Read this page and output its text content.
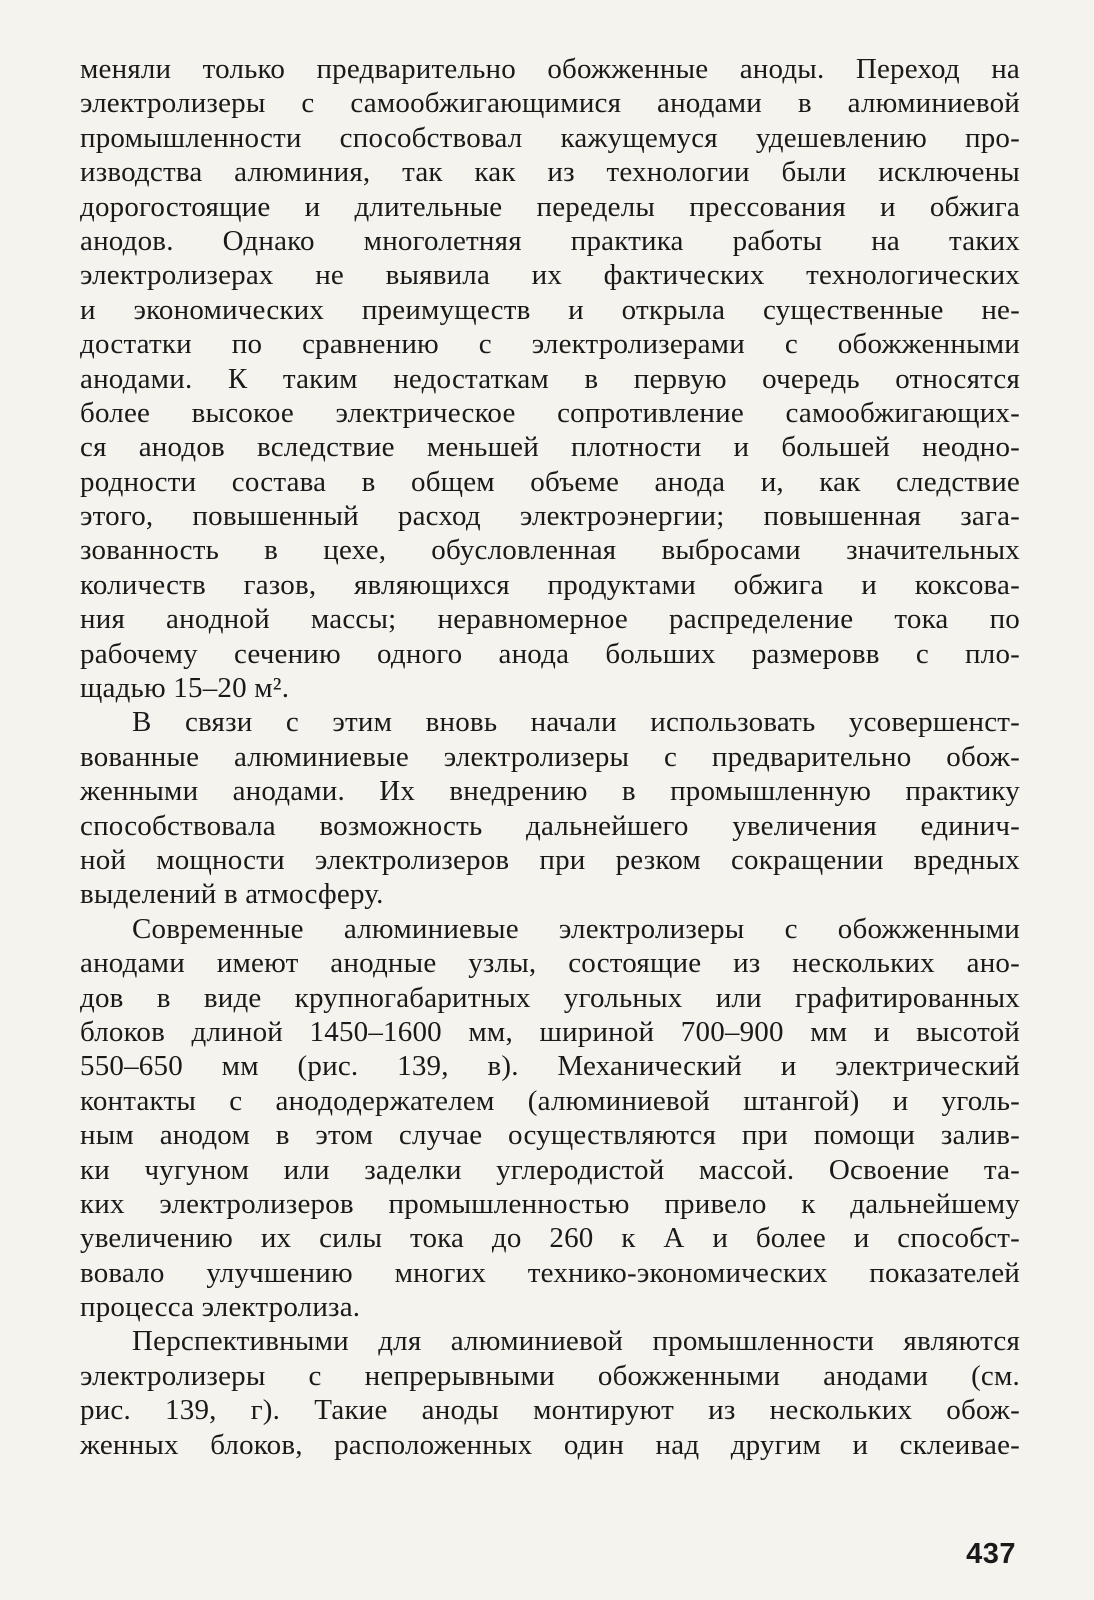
меняли только предварительно обожженные аноды. Переход на
электролизеры с самообжигающимися анодами в алюминиевой
промышленности способствовал кажущемуся удешевлению про-
изводства алюминия, так как из технологии были исключены
дорогостоящие и длительные переделы прессования и обжига
анодов. Однако многолетняя практика работы на таких
электролизерах не выявила их фактических технологических
и экономических преимуществ и открыла существенные не-
достатки по сравнению с электролизерами с обожженными
анодами. К таким недостаткам в первую очередь относятся
более высокое электрическое сопротивление самообжигающих-
ся анодов вследствие меньшей плотности и большей неодно-
родности состава в общем объеме анода и, как следствие
этого, повышенный расход электроэнергии; повышенная зага-
зованность в цехе, обусловленная выбросами значительных
количеств газов, являющихся продуктами обжига и коксова-
ния анодной массы; неравномерное распределение тока по
рабочему сечению одного анода больших размеровв с пло-
щадью 15–20 м².
В связи с этим вновь начали использовать усовершенст-
вованные алюминиевые электролизеры с предварительно обож-
женными анодами. Их внедрению в промышленную практику
способствовала возможность дальнейшего увеличения единич-
ной мощности электролизеров при резком сокращении вредных
выделений в атмосферу.
Современные алюминиевые электролизеры с обожженными
анодами имеют анодные узлы, состоящие из нескольких ано-
дов в виде крупногабаритных угольных или графитированных
блоков длиной 1450–1600 мм, шириной 700–900 мм и высотой
550–650 мм (рис. 139, в). Механический и электрический
контакты с анододержателем (алюминиевой штангой) и уголь-
ным анодом в этом случае осуществляются при помощи залив-
ки чугуном или заделки углеродистой массой. Освоение та-
ких электролизеров промышленностью привело к дальнейшему
увеличению их силы тока до 260 к А и более и способст-
вовало улучшению многих технико-экономических показателей
процесса электролиза.
Перспективными для алюминиевой промышленности являются
электролизеры с непрерывными обожженными анодами (см.
рис. 139, г). Такие аноды монтируют из нескольких обож-
женных блоков, расположенных один над другим и склеивае-
437
